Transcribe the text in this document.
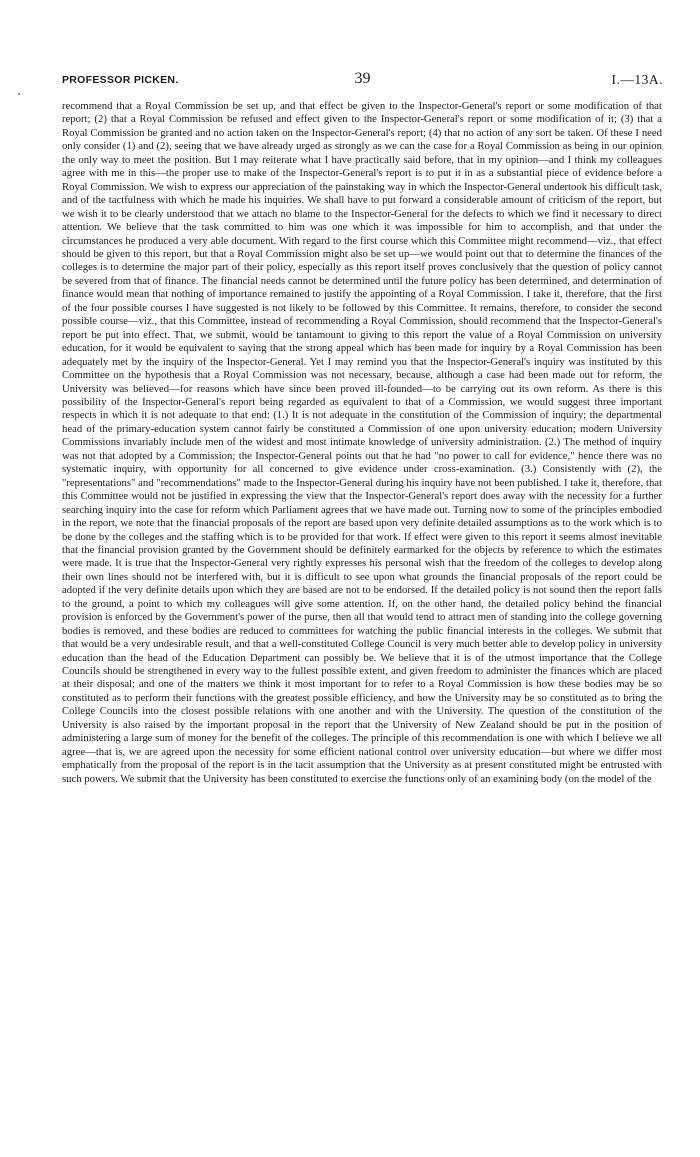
PROFESSOR PICKEN.	39	I.—13A.

recommend that a Royal Commission be set up, and that effect be given to the Inspector-General's report or some modification of that report; (2) that a Royal Commission be refused and effect given to the Inspector-General's report or some modification of it; (3) that a Royal Commission be granted and no action taken on the Inspector-General's report; (4) that no action of any sort be taken. Of these I need only consider (1) and (2), seeing that we have already urged as strongly as we can the case for a Royal Commission as being in our opinion the only way to meet the position. But I may reiterate what I have practically said before, that in my opinion—and I think my colleagues agree with me in this—the proper use to make of the Inspector-General's report is to put it in as a substantial piece of evidence before a Royal Commission. We wish to express our appreciation of the painstaking way in which the Inspector-General undertook his difficult task, and of the tactfulness with which he made his inquiries. We shall have to put forward a considerable amount of criticism of the report, but we wish it to be clearly understood that we attach no blame to the Inspector-General for the defects to which we find it necessary to direct attention. We believe that the task committed to him was one which it was impossible for him to accomplish, and that under the circumstances he produced a very able document. With regard to the first course which this Committee might recommend—viz., that effect should be given to this report, but that a Royal Commission might also be set up—we would point out that to determine the finances of the colleges is to determine the major part of their policy, especially as this report itself proves conclusively that the question of policy cannot be severed from that of finance. The financial needs cannot be determined until the future policy has been determined, and determination of finance would mean that nothing of importance remained to justify the appointing of a Royal Commission. I take it, therefore, that the first of the four possible courses I have suggested is not likely to be followed by this Committee. It remains, therefore, to consider the second possible course—viz., that this Committee, instead of recommending a Royal Commission, should recommend that the Inspector-General's report be put into effect. That, we submit, would be tantamount to giving to this report the value of a Royal Commission on university education, for it would be equivalent to saying that the strong appeal which has been made for inquiry by a Royal Commission has been adequately met by the inquiry of the Inspector-General. Yet I may remind you that the Inspector-General's inquiry was instituted by this Committee on the hypothesis that a Royal Commission was not necessary, because, although a case had been made out for reform, the University was believed—for reasons which have since been proved ill-founded—to be carrying out its own reform. As there is this possibility of the Inspector-General's report being regarded as equivalent to that of a Commission, we would suggest three important respects in which it is not adequate to that end: (1.) It is not adequate in the constitution of the Commission of inquiry; the departmental head of the primary-education system cannot fairly be constituted a Commission of one upon university education; modern University Commissions invariably include men of the widest and most intimate knowledge of university administration. (2.) The method of inquiry was not that adopted by a Commission; the Inspector-General points out that he had "no power to call for evidence," hence there was no systematic inquiry, with opportunity for all concerned to give evidence under cross-examination. (3.) Consistently with (2), the "representations" and "recommendations" made to the Inspector-General during his inquiry have not been published. I take it, therefore, that this Committee would not be justified in expressing the view that the Inspector-General's report does away with the necessity for a further searching inquiry into the case for reform which Parliament agrees that we have made out. Turning now to some of the principles embodied in the report, we note that the financial proposals of the report are based upon very definite detailed assumptions as to the work which is to be done by the colleges and the staffing which is to be provided for that work. If effect were given to this report it seems almost inevitable that the financial provision granted by the Government should be definitely earmarked for the objects by reference to which the estimates were made. It is true that the Inspector-General very rightly expresses his personal wish that the freedom of the colleges to develop along their own lines should not be interfered with, but it is difficult to see upon what grounds the financial proposals of the report could be adopted if the very definite details upon which they are based are not to be endorsed. If the detailed policy is not sound then the report falls to the ground, a point to which my colleagues will give some attention. If, on the other hand, the detailed policy behind the financial provision is enforced by the Government's power of the purse, then all that would tend to attract men of standing into the college governing bodies is removed, and these bodies are reduced to committees for watching the public financial interests in the colleges. We submit that that would be a very undesirable result, and that a well-constituted College Council is very much better able to develop policy in university education than the head of the Education Department can possibly be. We believe that it is of the utmost importance that the College Councils should be strengthened in every way to the fullest possible extent, and given freedom to administer the finances which are placed at their disposal; and one of the matters we think it most important for to refer to a Royal Commission is how these bodies may be so constituted as to perform their functions with the greatest possible efficiency, and how the University may be so constituted as to bring the College Councils into the closest possible relations with one another and with the University. The question of the constitution of the University is also raised by the important proposal in the report that the University of New Zealand should be put in the position of administering a large sum of money for the benefit of the colleges. The principle of this recommendation is one with which I believe we all agree—that is, we are agreed upon the necessity for some efficient national control over university education—but where we differ most emphatically from the proposal of the report is in the tacit assumption that the University as at present constituted might be entrusted with such powers. We submit that the University has been constituted to exercise the functions only of an examining body (on the model of the
